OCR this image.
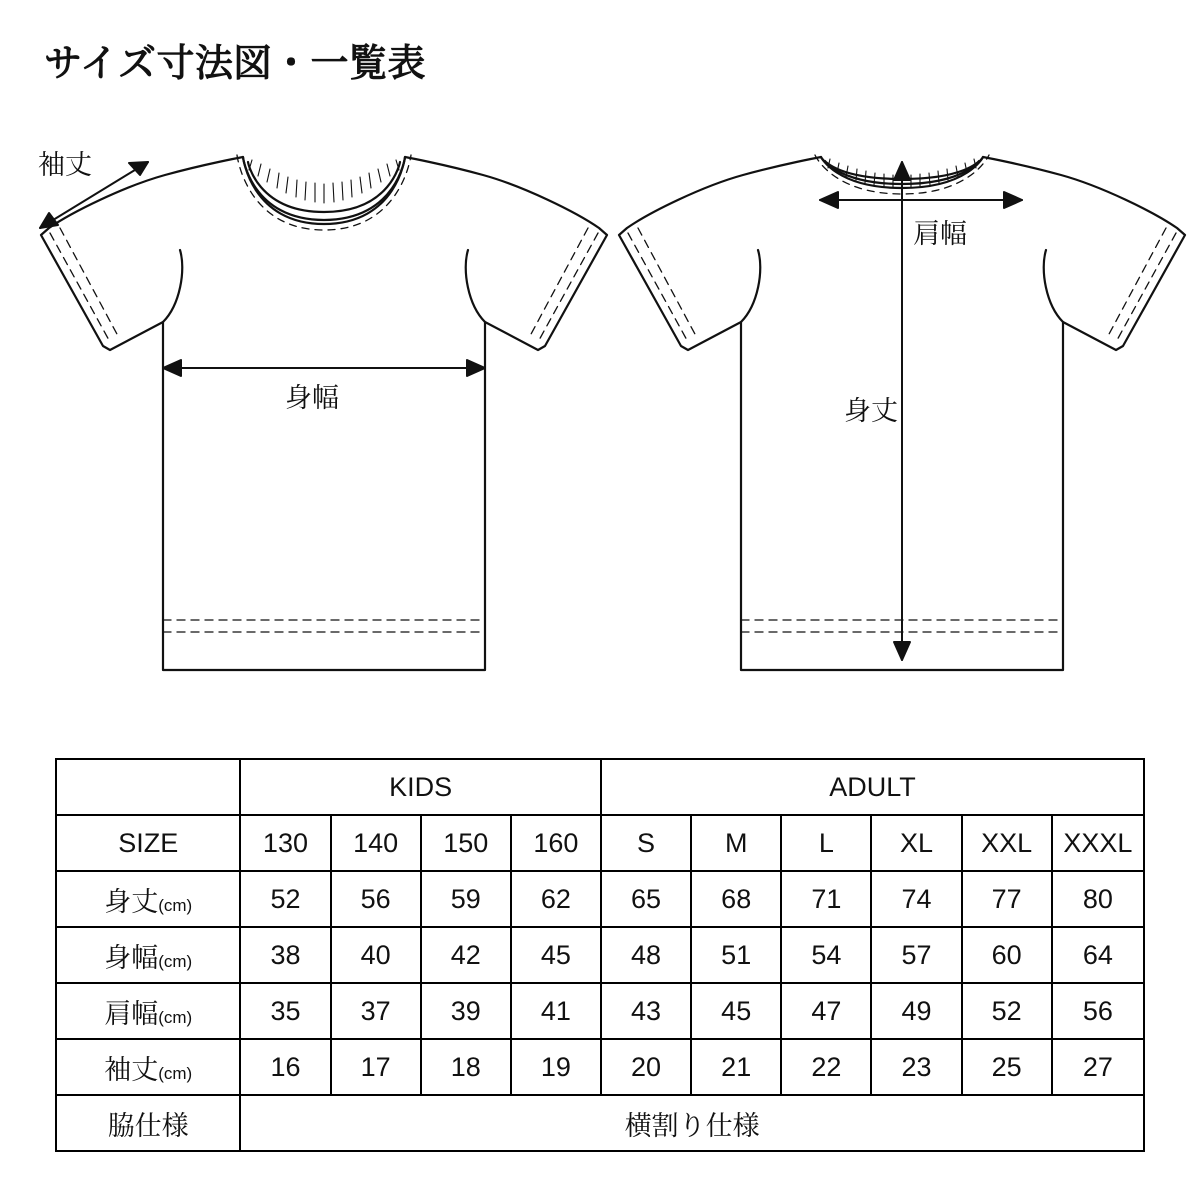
サイズ寸法図・一覧表
袖丈
身幅
肩幅
身丈
	KIDS				ADULT					
SIZE	130	140	150	160	S	M	L	XL	XXL	XXXL
身丈(cm)	52	56	59	62	65	68	71	74	77	80
身幅(cm)	38	40	42	45	48	51	54	57	60	64
肩幅(cm)	35	37	39	41	43	45	47	49	52	56
袖丈(cm)	16	17	18	19	20	21	22	23	25	27
脇仕様	横割り仕様									
